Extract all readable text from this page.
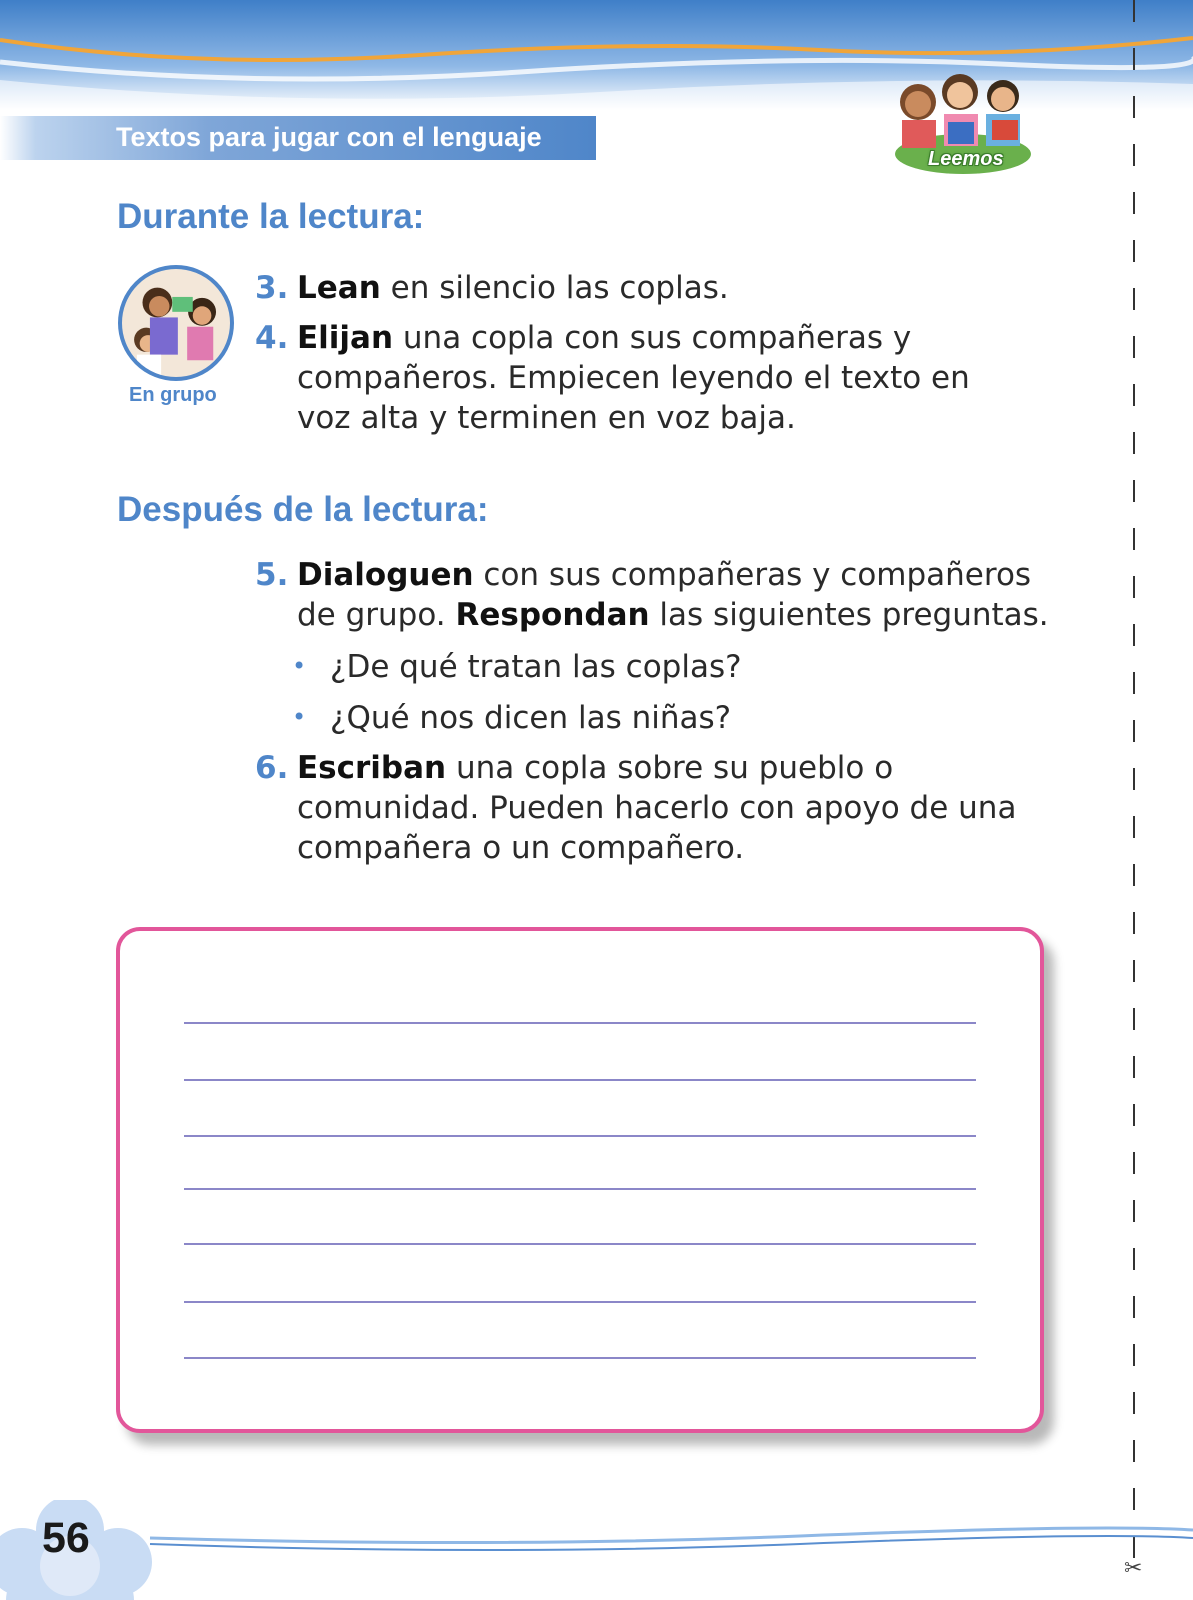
Textos para jugar con el lenguaje
Leemos
✂
Durante la lectura:
En grupo
3. Lean en silencio las coplas.
4. Elijan una copla con sus compañeras y compañeros. Empiecen leyendo el texto en voz alta y terminen en voz baja.
Después de la lectura:
5. Dialoguen con sus compañeras y compañeros de grupo. Respondan las siguientes preguntas.
• ¿De qué tratan las coplas?
• ¿Qué nos dicen las niñas?
6. Escriban una copla sobre su pueblo o comunidad. Pueden hacerlo con apoyo de una compañera o un compañero.
56
